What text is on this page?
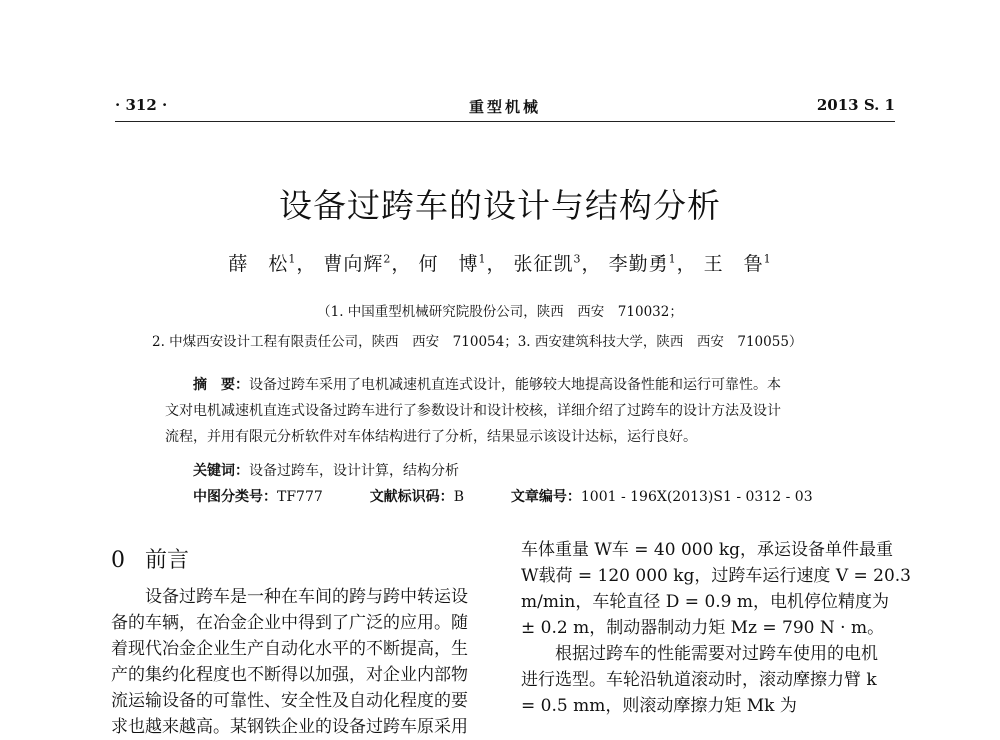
· 312 ·	重型机械	2013 S. 1
设备过跨车的设计与结构分析
薛　松$^1$， 曹向辉$^2$， 何　博$^1$， 张征凯$^3$， 李勤勇$^1$， 王　鲁$^1$
（1. 中国重型机械研究院股份公司，陕西　西安　710032；
2. 中煤西安设计工程有限责任公司，陕西　西安　710054；3. 西安建筑科技大学，陕西　西安　710055）
摘　要：设备过跨车采用了电机减速机直连式设计，能够较大地提高设备性能和运行可靠性。本
文对电机减速机直连式设备过跨车进行了参数设计和设计校核，详细介绍了过跨车的设计方法及设计
流程，并用有限元分析软件对车体结构进行了分析，结果显示该设计达标，运行良好。
关键词：设备过跨车，设计计算，结构分析
中图分类号：TF777	文献标识码：B	文章编号：1001 - 196X(2013)S1 - 0312 - 03
0 前言
设备过跨车是一种在车间的跨与跨中转运设
备的车辆，在冶金企业中得到了广泛的应用。随
着现代冶金企业生产自动化水平的不断提高，生
产的集约化程度也不断得以加强，对企业内部物
流运输设备的可靠性、安全性及自动化程度的要
求也越来越高。某钢铁企业的设备过跨车原采用
车体重量 W车 = 40 000 kg，承运设备单件最重
W载荷 = 120 000 kg，过跨车运行速度 V = 20.3
m/min，车轮直径 D = 0.9 m，电机停位精度为
± 0.2 m，制动器制动力矩 Mz = 790 N · m。
根据过跨车的性能需要对过跨车使用的电机
进行选型。车轮沿轨道滚动时，滚动摩擦力臂 k
= 0.5 mm，则滚动摩擦力矩 Mk 为
